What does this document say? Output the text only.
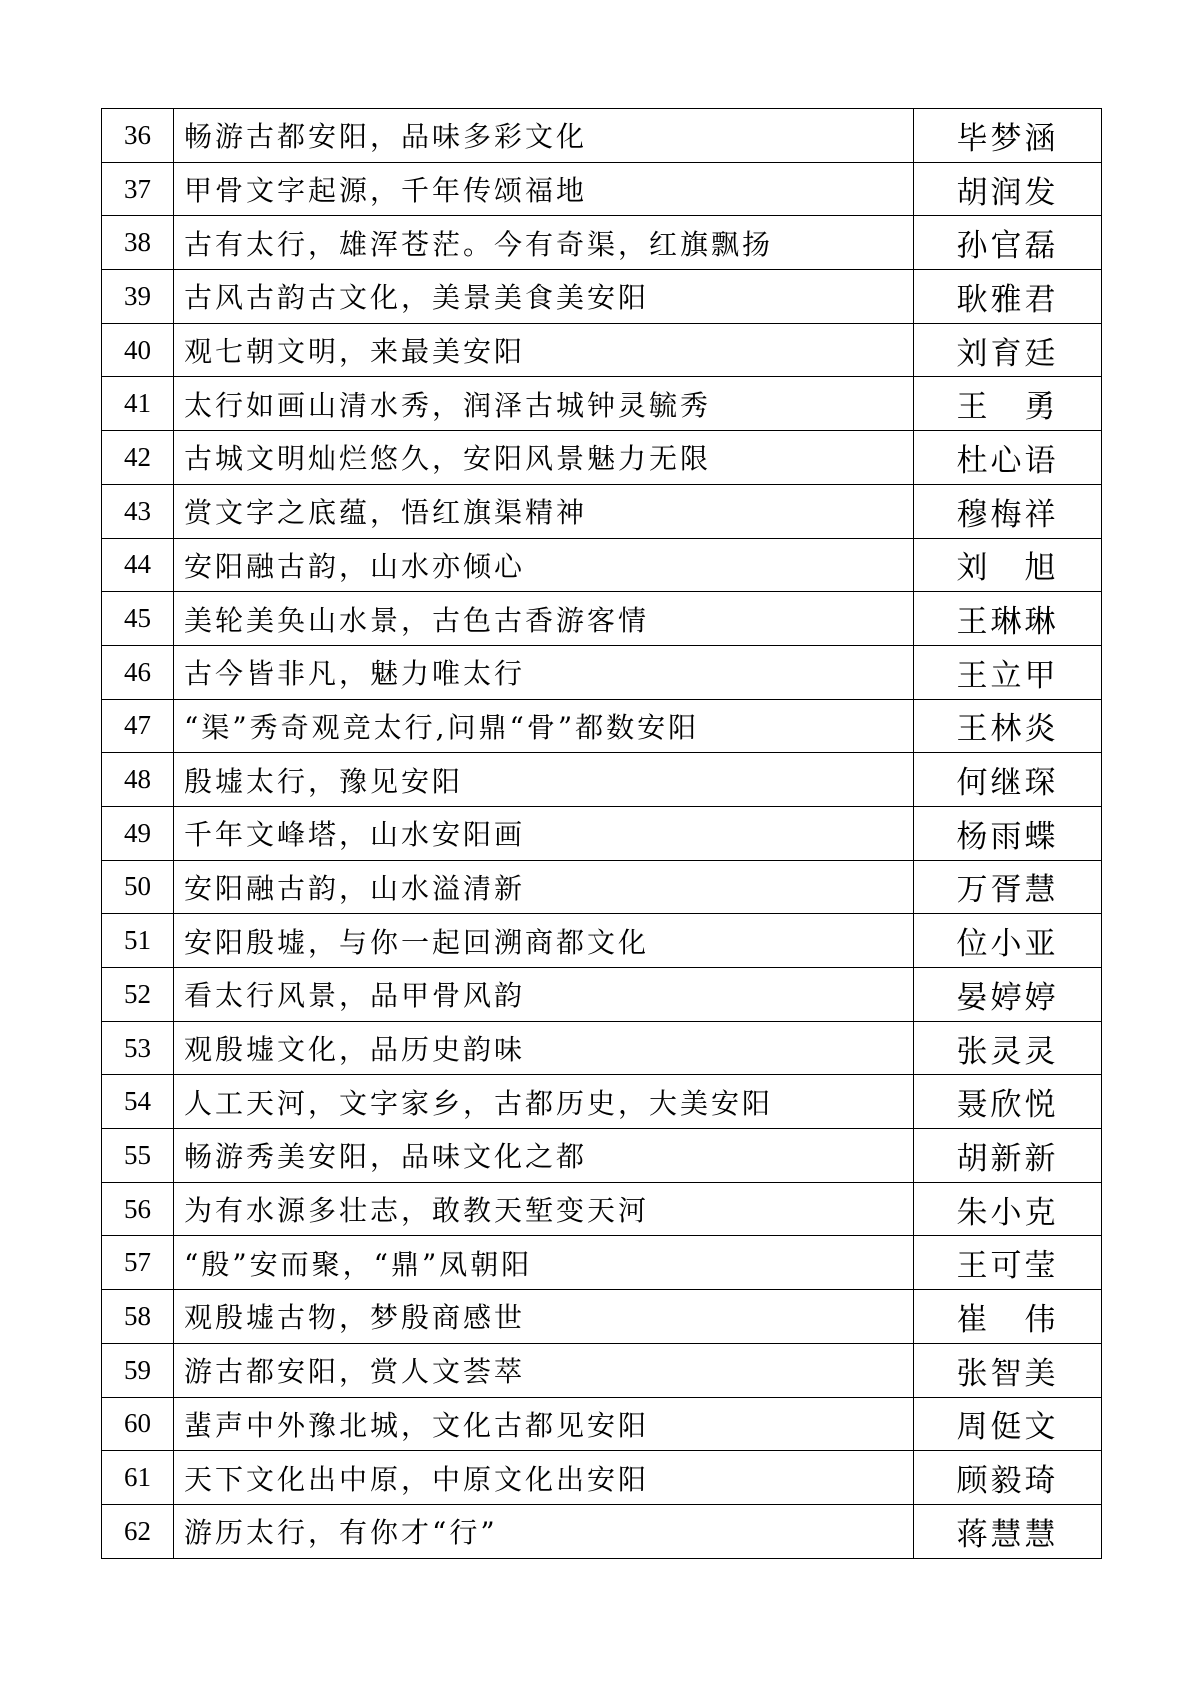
36	畅游古都安阳，品味多彩文化	毕梦涵
37	甲骨文字起源，千年传颂福地	胡润发
38	古有太行，雄浑苍茫。今有奇渠，红旗飘扬	孙官磊
39	古风古韵古文化，美景美食美安阳	耿雅君
40	观七朝文明，来最美安阳	刘育廷
41	太行如画山清水秀，润泽古城钟灵毓秀	王　勇
42	古城文明灿烂悠久，安阳风景魅力无限	杜心语
43	赏文字之底蕴，悟红旗渠精神	穆梅祥
44	安阳融古韵，山水亦倾心	刘　旭
45	美轮美奂山水景，古色古香游客情	王琳琳
46	古今皆非凡，魅力唯太行	王立甲
47	“渠”秀奇观竞太行,问鼎“骨”都数安阳	王林炎
48	殷墟太行，豫见安阳	何继琛
49	千年文峰塔，山水安阳画	杨雨蝶
50	安阳融古韵，山水溢清新	万胥慧
51	安阳殷墟，与你一起回溯商都文化	位小亚
52	看太行风景，品甲骨风韵	晏婷婷
53	观殷墟文化，品历史韵味	张灵灵
54	人工天河，文字家乡，古都历史，大美安阳	聂欣悦
55	畅游秀美安阳，品味文化之都	胡新新
56	为有水源多壮志，敢教天堑变天河	朱小克
57	“殷”安而聚，“鼎”凤朝阳	王可莹
58	观殷墟古物，梦殷商感世	崔　伟
59	游古都安阳，赏人文荟萃	张智美
60	蜚声中外豫北城，文化古都见安阳	周侹文
61	天下文化出中原，中原文化出安阳	顾毅琦
62	游历太行，有你才“行”	蒋慧慧
